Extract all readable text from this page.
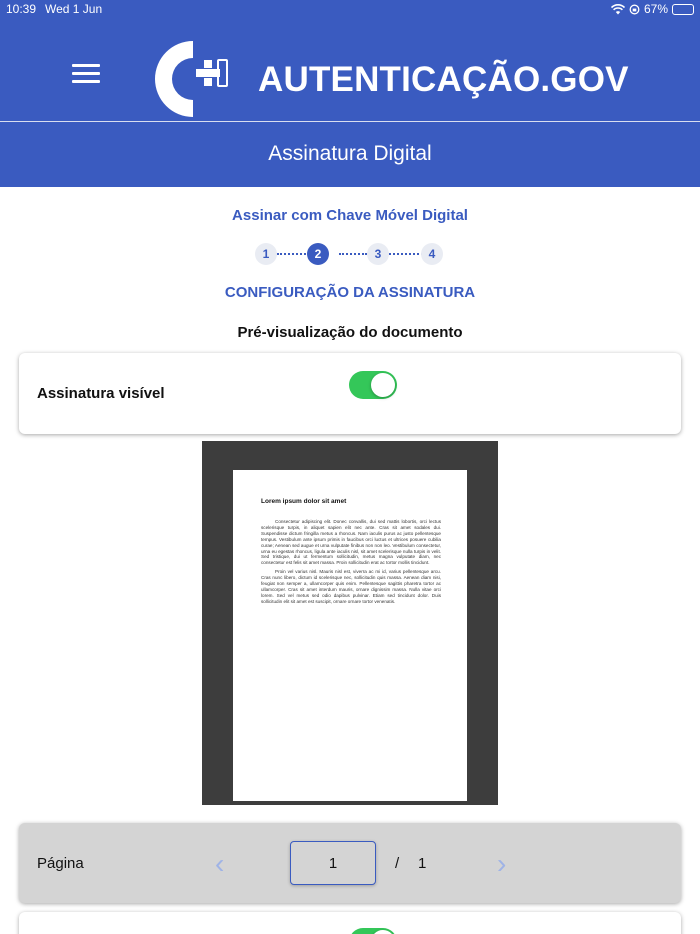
10:39 Wed 1 Jun	67%
AUTENTICAÇÃO.GOV
Assinatura Digital
Assinar com Chave Móvel Digital
1	2	3	4
CONFIGURAÇÃO DA ASSINATURA
Pré-visualização do documento
Assinatura visível
Lorem ipsum dolor sit amet

Consectetur adipiscing elit. Donec convallis, dui sed mattis lobortis, orci lectus scelerisque turpis, in aliquet sapien elit nec ante. Cras sit amet sodales dui. Suspendisse dictum fringilla metus a rhoncus. Nam iaculis purus ac justo pellentesque tempus. Vestibulum ante ipsum primis in faucibus orci luctus et ultrices posuere cubilia curae; Aenean sed augue et urna vulputate finibus non non leo. Vestibulum consectetur, urna eu egestas rhoncus, ligula ante iaculis nisl, sit amet scelerisque nulla turpis in velit. Sed tristique, dui ut fermentum sollicitudin, metus magna vulputate diam, nec consectetur est felis sit amet massa. Proin sollicitudin erat ac tortor mollis tincidunt.

Proin vel varius nisl. Mauris nisl est, viverra ac mi id, varius pellentesque arcu. Cras nunc libero, dictum id scelerisque nec, sollicitudin quis massa. Aenean diam nisi, feugiat non semper a, ullamcorper quis enim. Pellentesque sagittis pharetra tortor ac ullamcorper. Cras sit amet interdum mauris, ornare dignissim massa. Nulla vitae orci lorem. Sed vel metus sed odio dapibus pulvinar. Etiam sed tincidunt dolor. Duis sollicitudin elit sit amet est suscipit, ornare ornare tortor venenatis.

Página	‹
1	/ 1	›
